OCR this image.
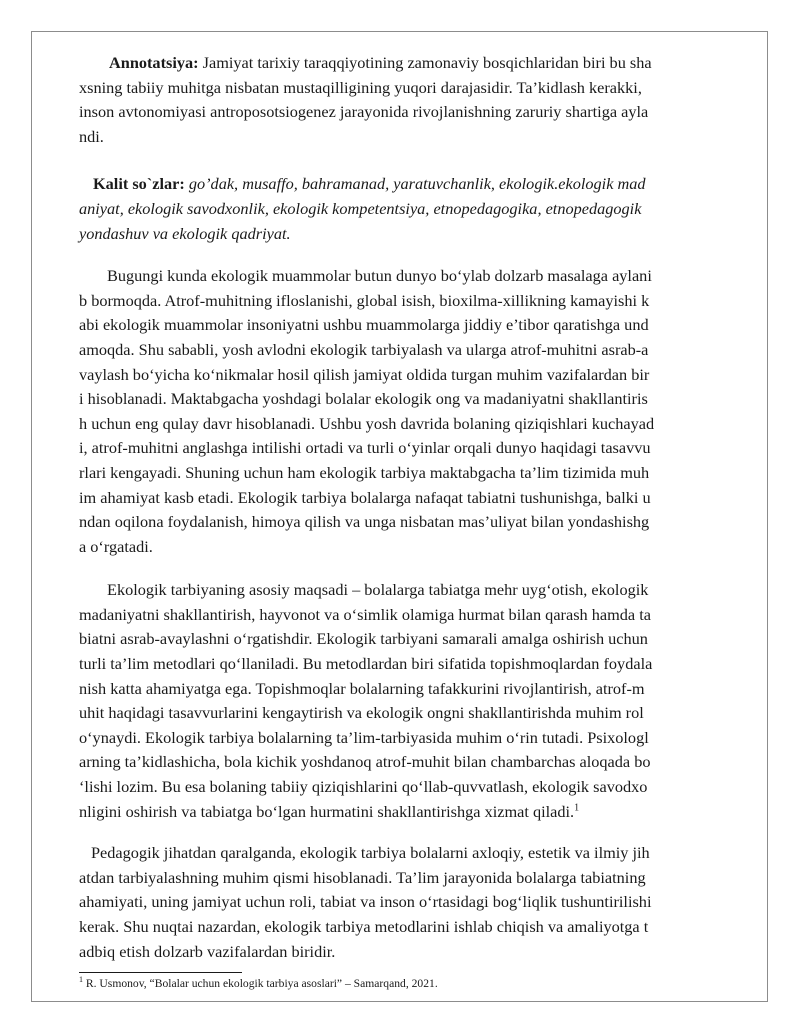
Annotatsiya: Jamiyat tarixiy taraqqiyotining zamonaviy bosqichlaridan biri bu sha
xsning tabiiy muhitga nisbatan mustaqilligining yuqori darajasidir. Ta’kidlash kerakki,
inson avtonomiyasi antroposotsiogenez jarayonida rivojlanishning zaruriy shartiga ayla
ndi.
Kalit so`zlar: go’dak, musaffo, bahramanad, yaratuvchanlik, ekologik.ekologik mad
aniyat, ekologik savodxonlik, ekologik kompetentsiya, etnopedagogika, etnopedagogik
yondashuv va ekologik qadriyat.
Bugungi kunda ekologik muammolar butun dunyo bo‘ylab dolzarb masalaga aylani
b bormoqda. Atrof-muhitning ifloslanishi, global isish, bioxilma-xillikning kamayishi k
abi ekologik muammolar insoniyatni ushbu muammolarga jiddiy e’tibor qaratishga und
amoqda. Shu sababli, yosh avlodni ekologik tarbiyalash va ularga atrof-muhitni asrab-a
vaylash bo‘yicha ko‘nikmalar hosil qilish jamiyat oldida turgan muhim vazifalardan bir
i hisoblanadi. Maktabgacha yoshdagi bolalar ekologik ong va madaniyatni shakllantiris
h uchun eng qulay davr hisoblanadi. Ushbu yosh davrida bolaning qiziqishlari kuchayad
i, atrof-muhitni anglashga intilishi ortadi va turli o‘yinlar orqali dunyo haqidagi tasavvu
rlari kengayadi. Shuning uchun ham ekologik tarbiya maktabgacha ta’lim tizimida muh
im ahamiyat kasb etadi. Ekologik tarbiya bolalarga nafaqat tabiatni tushunishga, balki u
ndan oqilona foydalanish, himoya qilish va unga nisbatan mas’uliyat bilan yondashishg
a o‘rgatadi.
Ekologik tarbiyaning asosiy maqsadi – bolalarga tabiatga mehr uyg‘otish, ekologik
madaniyatni shakllantirish, hayvonot va o‘simlik olamiga hurmat bilan qarash hamda ta
biatni asrab-avaylashni o‘rgatishdir. Ekologik tarbiyani samarali amalga oshirish uchun
turli ta’lim metodlari qo‘llaniladi. Bu metodlardan biri sifatida topishmoqlardan foydala
nish katta ahamiyatga ega. Topishmoqlar bolalarning tafakkurini rivojlantirish, atrof-m
uhit haqidagi tasavvurlarini kengaytirish va ekologik ongni shakllantirishda muhim rol
o‘ynaydi. Ekologik tarbiya bolalarning ta’lim-tarbiyasida muhim o‘rin tutadi. Psixologl
arning ta’kidlashicha, bola kichik yoshdanoq atrof-muhit bilan chambarchas aloqada bo
‘lishi lozim. Bu esa bolaning tabiiy qiziqishlarini qo‘llab-quvvatlash, ekologik savodxo
nligini oshirish va tabiatga bo‘lgan hurmatini shakllantirishga xizmat qiladi.$^1$
Pedagogik jihatdan qaralganda, ekologik tarbiya bolalarni axloqiy, estetik va ilmiy jih
atdan tarbiyalashning muhim qismi hisoblanadi. Ta’lim jarayonida bolalarga tabiatning
ahamiyati, uning jamiyat uchun roli, tabiat va inson o‘rtasidagi bog‘liqlik tushuntirilishi
kerak. Shu nuqtai nazardan, ekologik tarbiya metodlarini ishlab chiqish va amaliyotga t
adbiq etish dolzarb vazifalardan biridir.
$^1$ R. Usmonov, “Bolalar uchun ekologik tarbiya asoslari” – Samarqand, 2021.
